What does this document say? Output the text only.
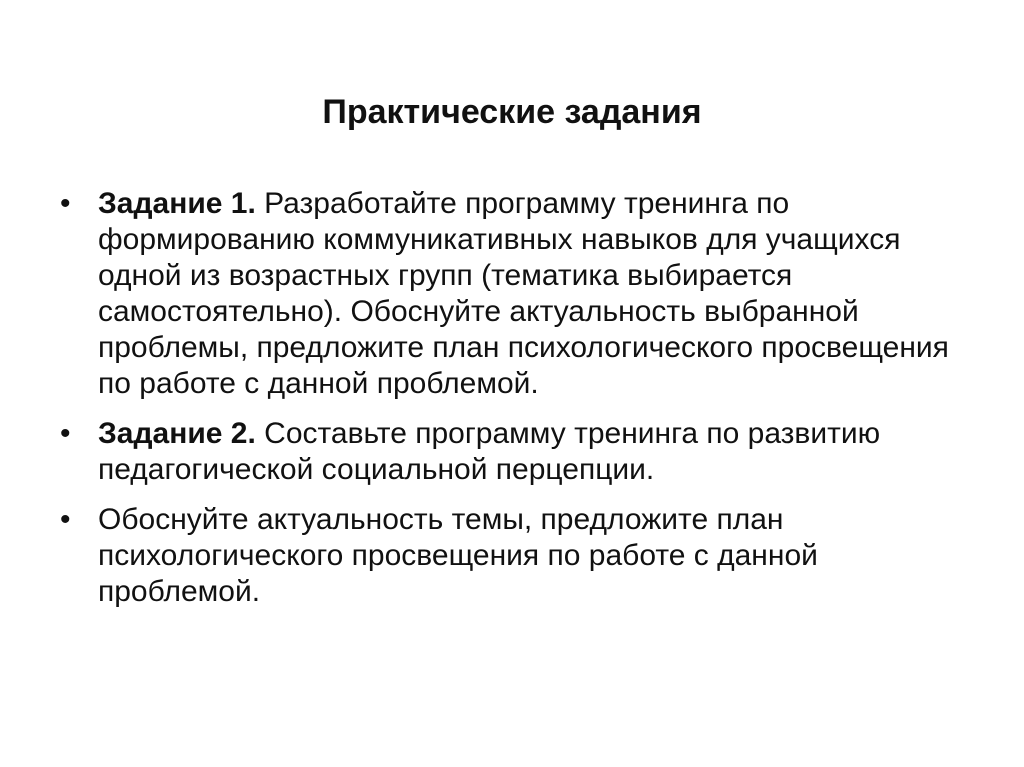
Практические задания
• Задание 1. Разработайте программу тренинга по формированию коммуникативных навыков для учащихся одной из возрастных групп (тематика выбирается самостоятельно). Обоснуйте актуальность выбранной проблемы, предложите план психологического просвещения по работе с данной проблемой.
• Задание 2. Составьте программу тренинга по развитию педагогической социальной перцепции.
• Обоснуйте актуальность темы, предложите план психологического просвещения по работе с данной проблемой.
